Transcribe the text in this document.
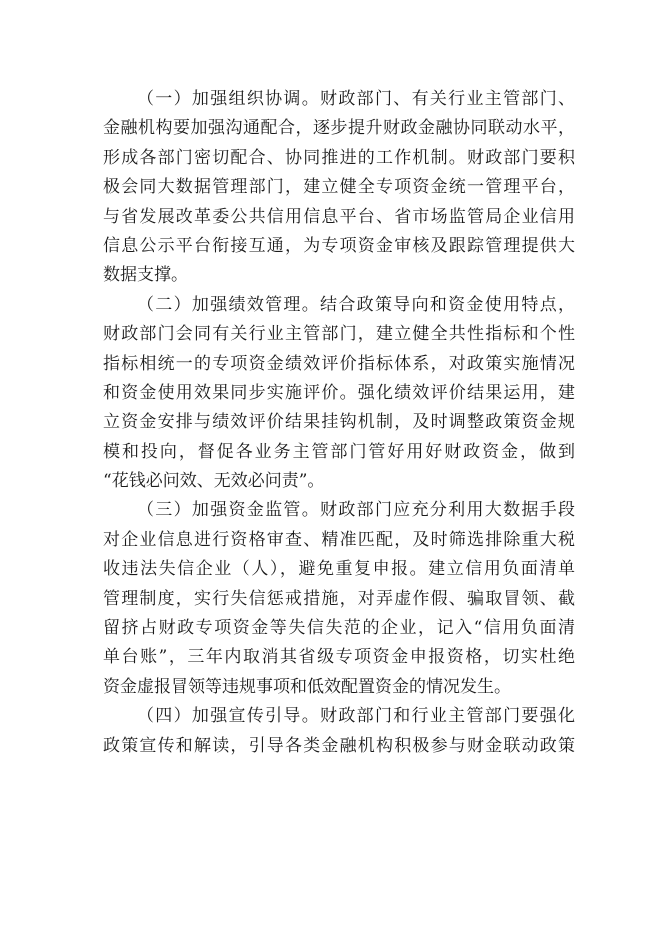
（一）加强组织协调。财政部门、有关行业主管部门、
金融机构要加强沟通配合，逐步提升财政金融协同联动水平，
形成各部门密切配合、协同推进的工作机制。财政部门要积
极会同大数据管理部门，建立健全专项资金统一管理平台，
与省发展改革委公共信用信息平台、省市场监管局企业信用
信息公示平台衔接互通，为专项资金审核及跟踪管理提供大
数据支撑。
（二）加强绩效管理。结合政策导向和资金使用特点，
财政部门会同有关行业主管部门，建立健全共性指标和个性
指标相统一的专项资金绩效评价指标体系，对政策实施情况
和资金使用效果同步实施评价。强化绩效评价结果运用，建
立资金安排与绩效评价结果挂钩机制，及时调整政策资金规
模和投向，督促各业务主管部门管好用好财政资金，做到
“花钱必问效、无效必问责”。
（三）加强资金监管。财政部门应充分利用大数据手段
对企业信息进行资格审查、精准匹配，及时筛选排除重大税
收违法失信企业（人），避免重复申报。建立信用负面清单
管理制度，实行失信惩戒措施，对弄虚作假、骗取冒领、截
留挤占财政专项资金等失信失范的企业，记入“信用负面清
单台账”，三年内取消其省级专项资金申报资格，切实杜绝
资金虚报冒领等违规事项和低效配置资金的情况发生。
（四）加强宣传引导。财政部门和行业主管部门要强化
政策宣传和解读，引导各类金融机构积极参与财金联动政策
